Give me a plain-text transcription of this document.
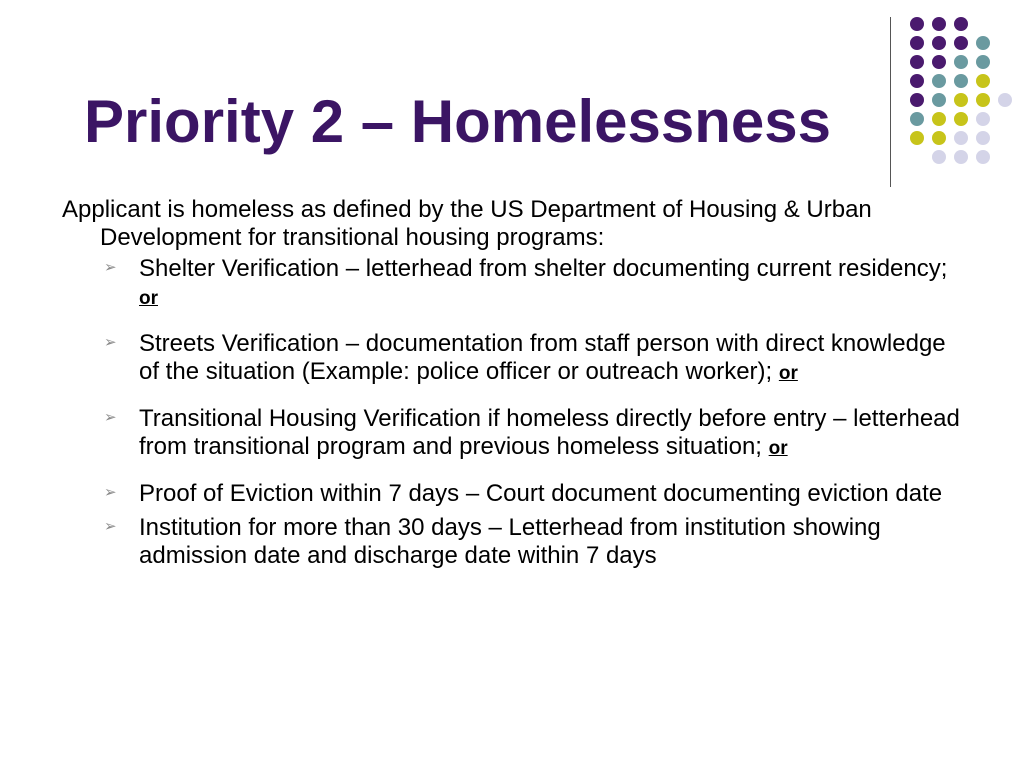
Priority 2 – Homelessness

Applicant is homeless as defined by the US Department of Housing & Urban Development for transitional housing programs:

➢ Shelter Verification – letterhead from shelter documenting current residency; or
➢ Streets Verification – documentation from staff person with direct knowledge of the situation (Example: police officer or outreach worker); or
➢ Transitional Housing Verification if homeless directly before entry – letterhead from transitional program and previous homeless situation; or
➢ Proof of Eviction within 7 days – Court document documenting eviction date
➢ Institution for more than 30 days – Letterhead from institution showing admission date and discharge date within 7 days
